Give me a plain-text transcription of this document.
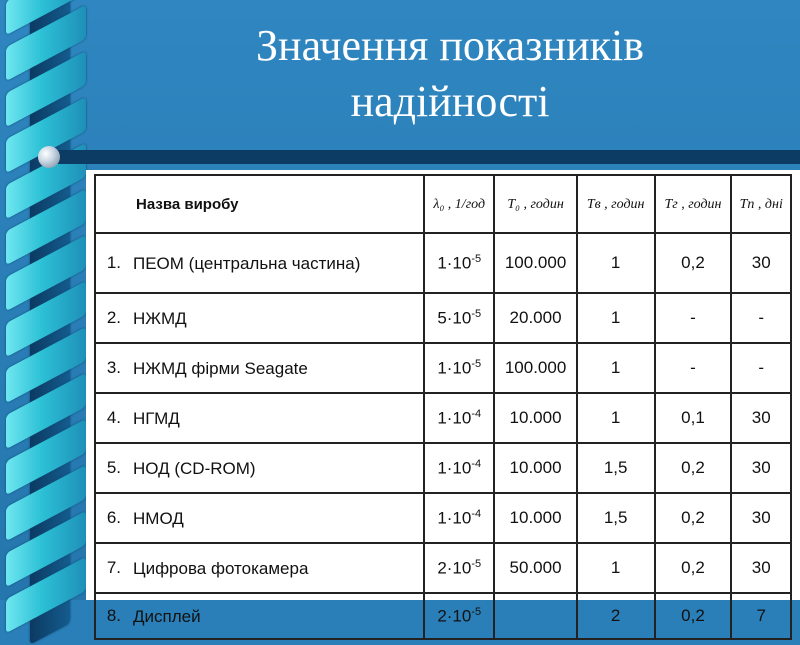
Значення показників
надійності
Назва виробу		λ₀ , 1/год	T₀ , годин	Tв , годин	Tг , годин	Tп , дні
1.	ПЕОМ (центральна частина)	$1\cdot 10^{-5}$	100.000	1	0,2	30
2.	НЖМД	$5\cdot 10^{-5}$	20.000	1	-	-
3.	НЖМД фірми Seagate	$1\cdot 10^{-5}$	100.000	1	-	-
4.	НГМД	$1\cdot 10^{-4}$	10.000	1	0,1	30
5.	НОД (CD-ROM)	$1\cdot 10^{-4}$	10.000	1,5	0,2	30
6.	НМОД	$1\cdot 10^{-4}$	10.000	1,5	0,2	30
7.	Цифрова фотокамера	$2\cdot 10^{-5}$	50.000	1	0,2	30
8.	Дисплей	$2\cdot 10^{-5}$		2	0,2	7
